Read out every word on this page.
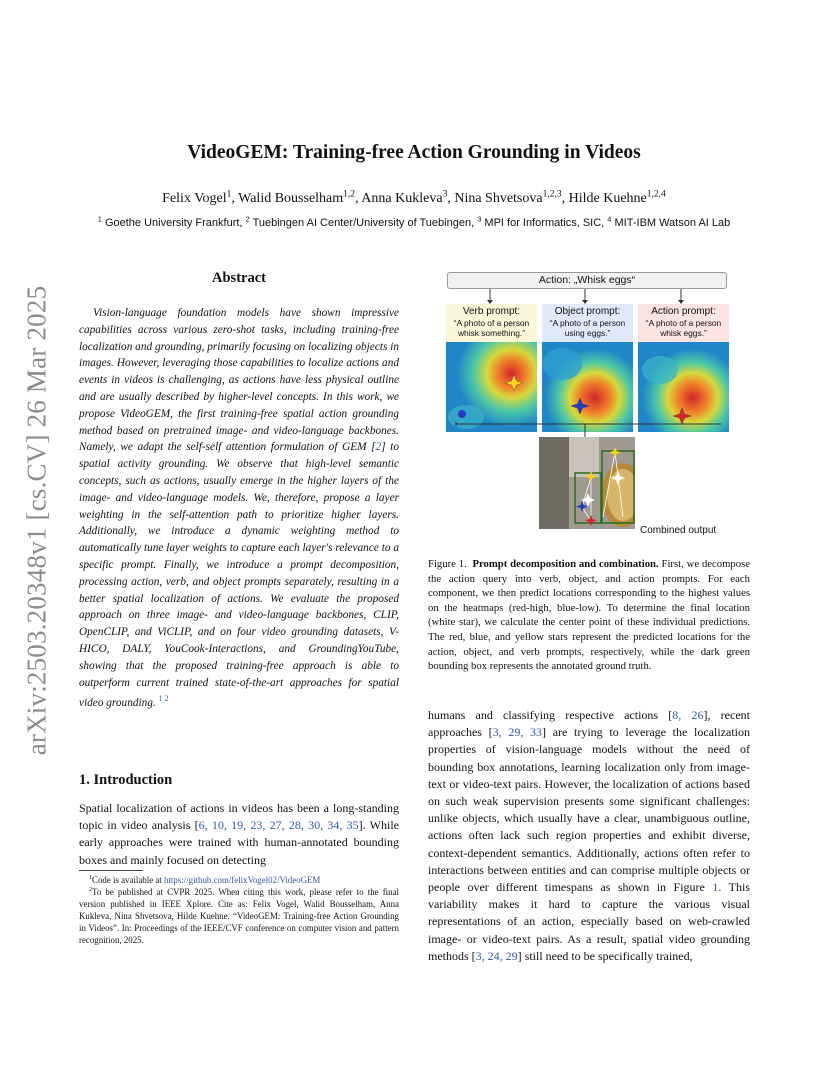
arXiv:2503.20348v1 [cs.CV] 26 Mar 2025
VideoGEM: Training-free Action Grounding in Videos
Felix Vogel$^1$, Walid Bousselham$^{1,2}$, Anna Kukleva$^3$, Nina Shvetsova$^{1,2,3}$, Hilde Kuehne$^{1,2,4}$
$^1$ Goethe University Frankfurt, $^2$ Tuebingen AI Center/University of Tuebingen, $^3$ MPI for Informatics, SIC, $^4$ MIT-IBM Watson AI Lab
Abstract

Vision-language foundation models have shown impressive capabilities across various zero-shot tasks, including training-free localization and grounding, primarily focusing on localizing objects in images. However, leveraging those capabilities to localize actions and events in videos is challenging, as actions have less physical outline and are usually described by higher-level concepts. In this work, we propose VideoGEM, the first training-free spatial action grounding method based on pretrained image- and video-language backbones. Namely, we adapt the self-self attention formulation of GEM [2] to spatial activity grounding. We observe that high-level semantic concepts, such as actions, usually emerge in the higher layers of the image- and video-language models. We, therefore, propose a layer weighting in the self-attention path to prioritize higher layers. Additionally, we introduce a dynamic weighting method to automatically tune layer weights to capture each layer's relevance to a specific prompt. Finally, we introduce a prompt decomposition, processing action, verb, and object prompts separately, resulting in a better spatial localization of actions. We evaluate the proposed approach on three image- and video-language backbones, CLIP, OpenCLIP, and ViCLIP, and on four video grounding datasets, V-HICO, DALY, YouCook-Interactions, and GroundingYouTube, showing that the proposed training-free approach is able to outperform current trained state-of-the-art approaches for spatial video grounding. $^{1 2}$

1. Introduction

Spatial localization of actions in videos has been a long-standing topic in video analysis [6, 10, 19, 23, 27, 28, 30, 34, 35]. While early approaches were trained with human-annotated bounding boxes and mainly focused on detecting

$^1$Code is available at https://github.com/felixVogel02/VideoGEM

$^2$To be published at CVPR 2025. When citing this work, please refer to the final version published in IEEE Xplore. Cite as: Felix Vogel, Walid Bousselham, Anna Kukleva, Nina Shvetsova, Hilde Kuehne. “VideoGEM: Training-free Action Grounding in Videos”. In: Proceedings of the IEEE/CVF conference on computer vision and pattern recognition, 2025.

Action: „Whisk eggs“
Verb prompt:
“A photo of a person whisk something.”
Object prompt:
“A photo of a person using eggs.”
Action prompt:
“A photo of a person whisk eggs.”
Combined output

Figure 1. Prompt decomposition and combination. First, we decompose the action query into verb, object, and action prompts. For each component, we then predict locations corresponding to the highest values on the heatmaps (red-high, blue-low). To determine the final location (white star), we calculate the center point of these individual predictions. The red, blue, and yellow stars represent the predicted locations for the action, object, and verb prompts, respectively, while the dark green bounding box represents the annotated ground truth.

humans and classifying respective actions [8, 26], recent approaches [3, 29, 33] are trying to leverage the localization properties of vision-language models without the need of bounding box annotations, learning localization only from image- text or video-text pairs. However, the localization of actions based on such weak supervision presents some significant challenges: unlike objects, which usually have a clear, unambiguous outline, actions often lack such region properties and exhibit diverse, context-dependent semantics. Additionally, actions often refer to interactions between entities and can comprise multiple objects or people over different timespans as shown in Figure 1. This variability makes it hard to capture the various visual representations of an action, especially based on web-crawled image- or video-text pairs. As a result, spatial video grounding methods [3, 24, 29] still need to be specifically trained,
